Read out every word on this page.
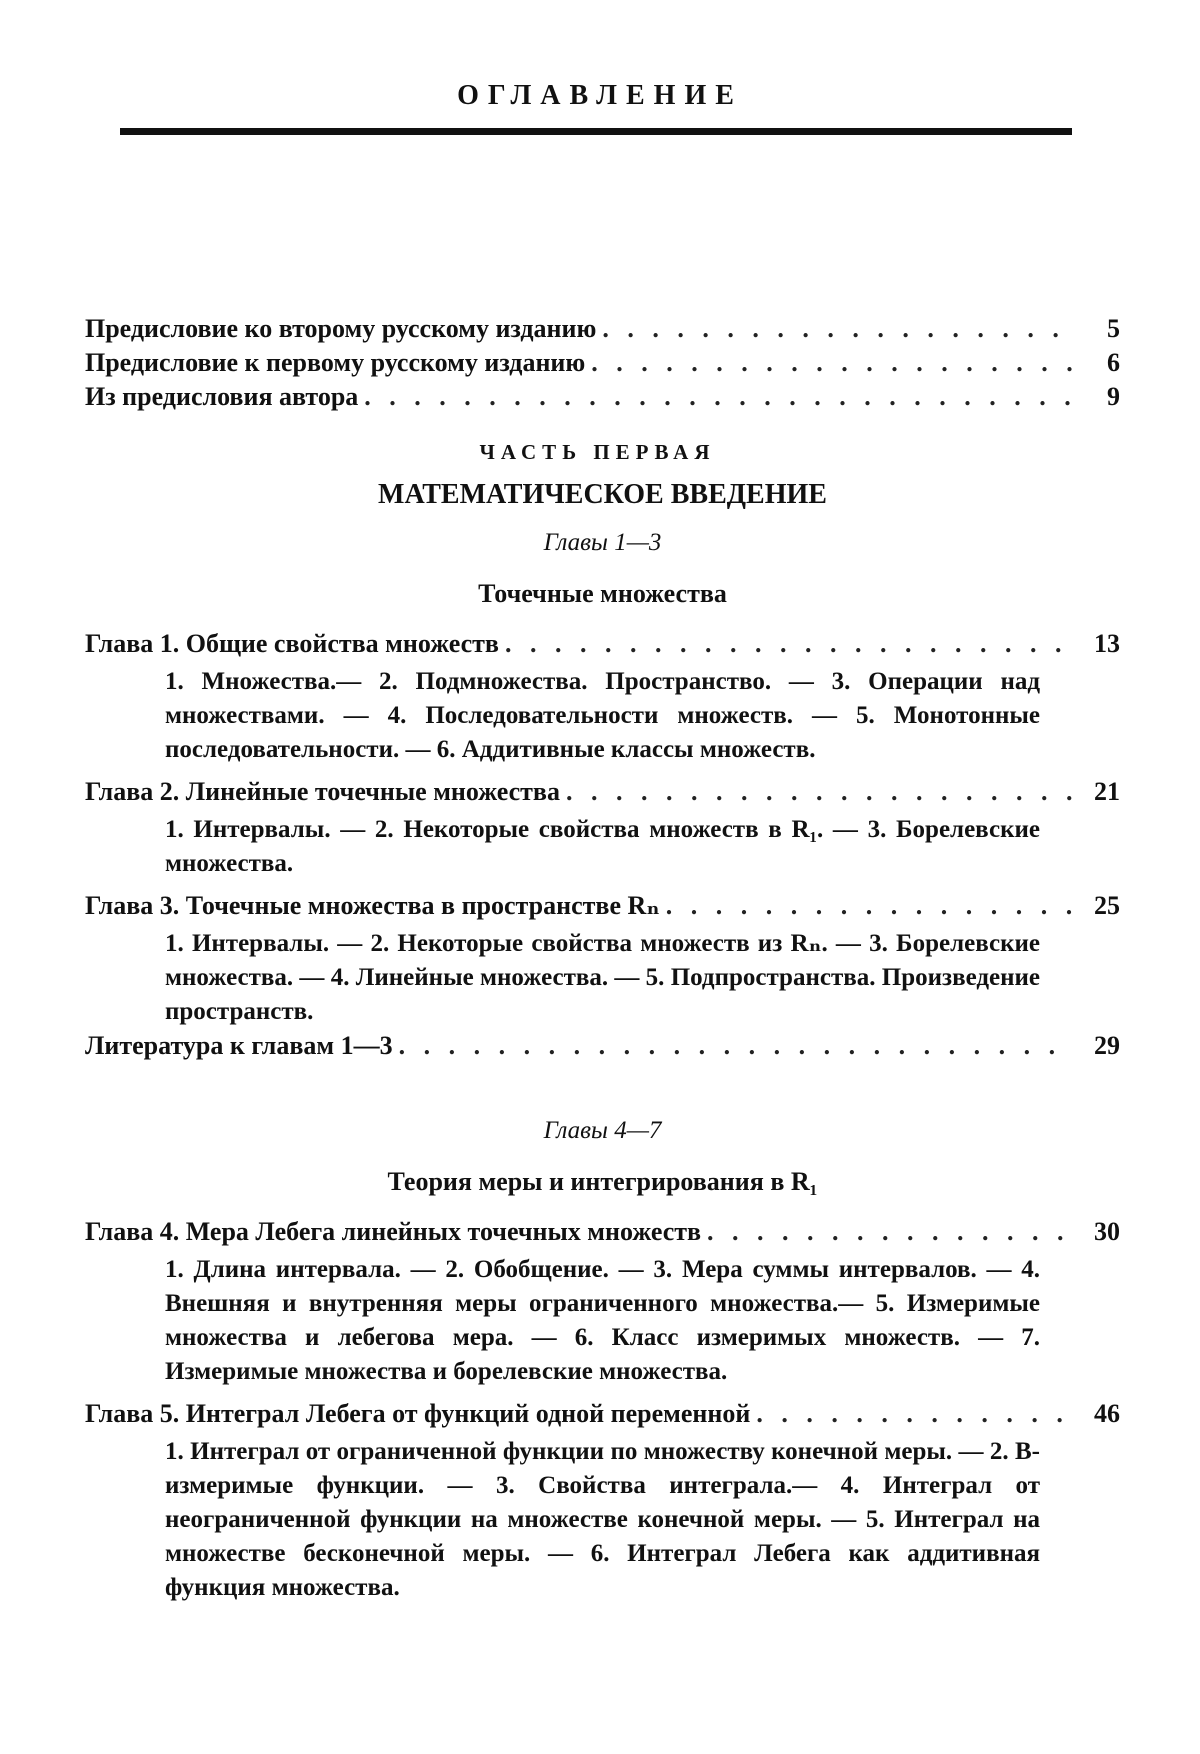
ОГЛАВЛЕНИЕ
Предисловие ко второму русскому изданию . . .	5
Предисловие к первому русскому изданию . . .	6
Из предисловия автора . . .	9
ЧАСТЬ ПЕРВАЯ
МАТЕМАТИЧЕСКОЕ ВВЕДЕНИЕ
Главы 1—3
Точечные множества
Глава 1. Общие свойства множеств . . .	13
1. Множества.— 2. Подмножества. Пространство. — 3. Операции над множествами. — 4. Последовательности множеств. — 5. Монотонные последовательности. — 6. Аддитивные классы множеств.
Глава 2. Линейные точечные множества . . .	21
1. Интервалы. — 2. Некоторые свойства множеств в R₁. — 3. Борелевские множества.
Глава 3. Точечные множества в пространстве Rₙ . . .	25
1. Интервалы. — 2. Некоторые свойства множеств из Rₙ. — 3. Борелевские множества. — 4. Линейные множества. — 5. Подпространства. Произведение пространств.
Литература к главам 1—3 . . .	29
Главы 4—7
Теория меры и интегрирования в R₁
Глава 4. Мера Лебега линейных точечных множеств . . .	30
1. Длина интервала. — 2. Обобщение. — 3. Мера суммы интервалов. — 4. Внешняя и внутренняя меры ограниченного множества.— 5. Измеримые множества и лебегова мера. — 6. Класс измеримых множеств. — 7. Измеримые множества и борелевские множества.
Глава 5. Интеграл Лебега от функций одной переменной . . .	46
1. Интеграл от ограниченной функции по множеству конечной меры. — 2. B-измеримые функции. — 3. Свойства интеграла.— 4. Интеграл от неограниченной функции на множестве конечной меры. — 5. Интеграл на множестве бесконечной меры. — 6. Интеграл Лебега как аддитивная функция множества.
